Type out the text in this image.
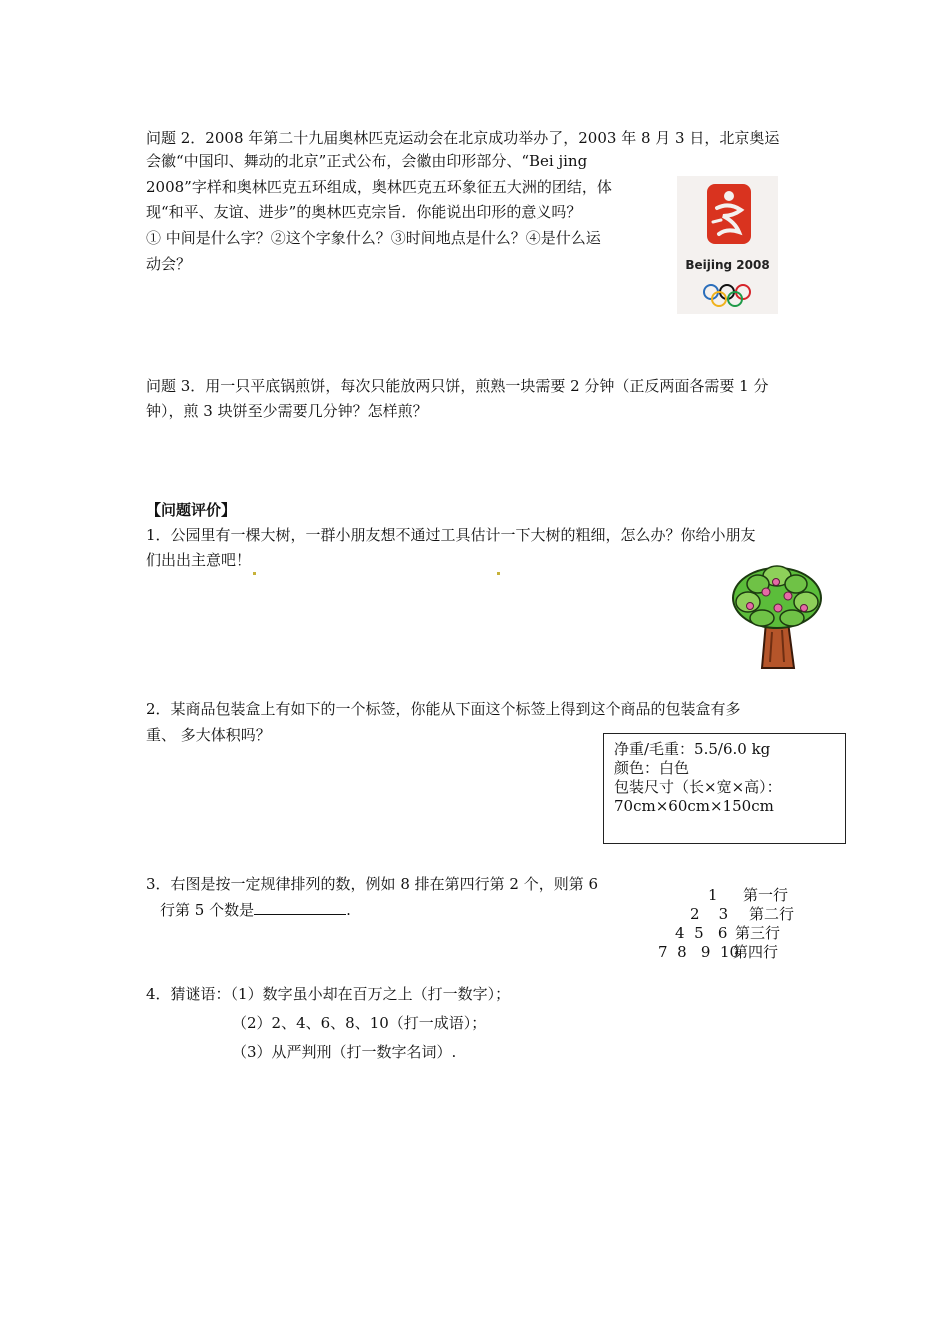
问题 2．2008 年第二十九届奥林匹克运动会在北京成功举办了，2003 年 8 月 3 日，北京奥运
会徽“中国印、舞动的北京”正式公布，会徽由印形部分、“Bei jing
2008”字样和奥林匹克五环组成，奥林匹克五环象征五大洲的团结，体
现“和平、友谊、进步”的奥林匹克宗旨．你能说出印形的意义吗？
① 中间是什么字？②这个字象什么？③时间地点是什么？④是什么运
动会？	Beijing 2008
问题 3．用一只平底锅煎饼，每次只能放两只饼，煎熟一块需要 2 分钟（正反两面各需要 1 分
钟），煎 3 块饼至少需要几分钟？怎样煎？
【问题评价】
1．公园里有一棵大树，一群小朋友想不通过工具估计一下大树的粗细，怎么办？你给小朋友
们出出主意吧！
2．某商品包装盒上有如下的一个标签，你能从下面这个标签上得到这个商品的包装盒有多
重、 多大体积吗？
净重/毛重：5.5/6.0 kg
颜色：白色
包装尺寸（长×宽×高）：
70cm×60cm×150cm
3．右图是按一定规律排列的数，例如 8 排在第四行第 2 个，则第 6
行第 5 个数是	.
1 第一行
2    3 第二行
4  5   6 第三行
7  8   9  10
第四行
4．猜谜语：（1）数字虽小却在百万之上（打一数字）；
（2）2、4、6、8、10（打一成语）；
（3）从严判刑（打一数字名词）.
